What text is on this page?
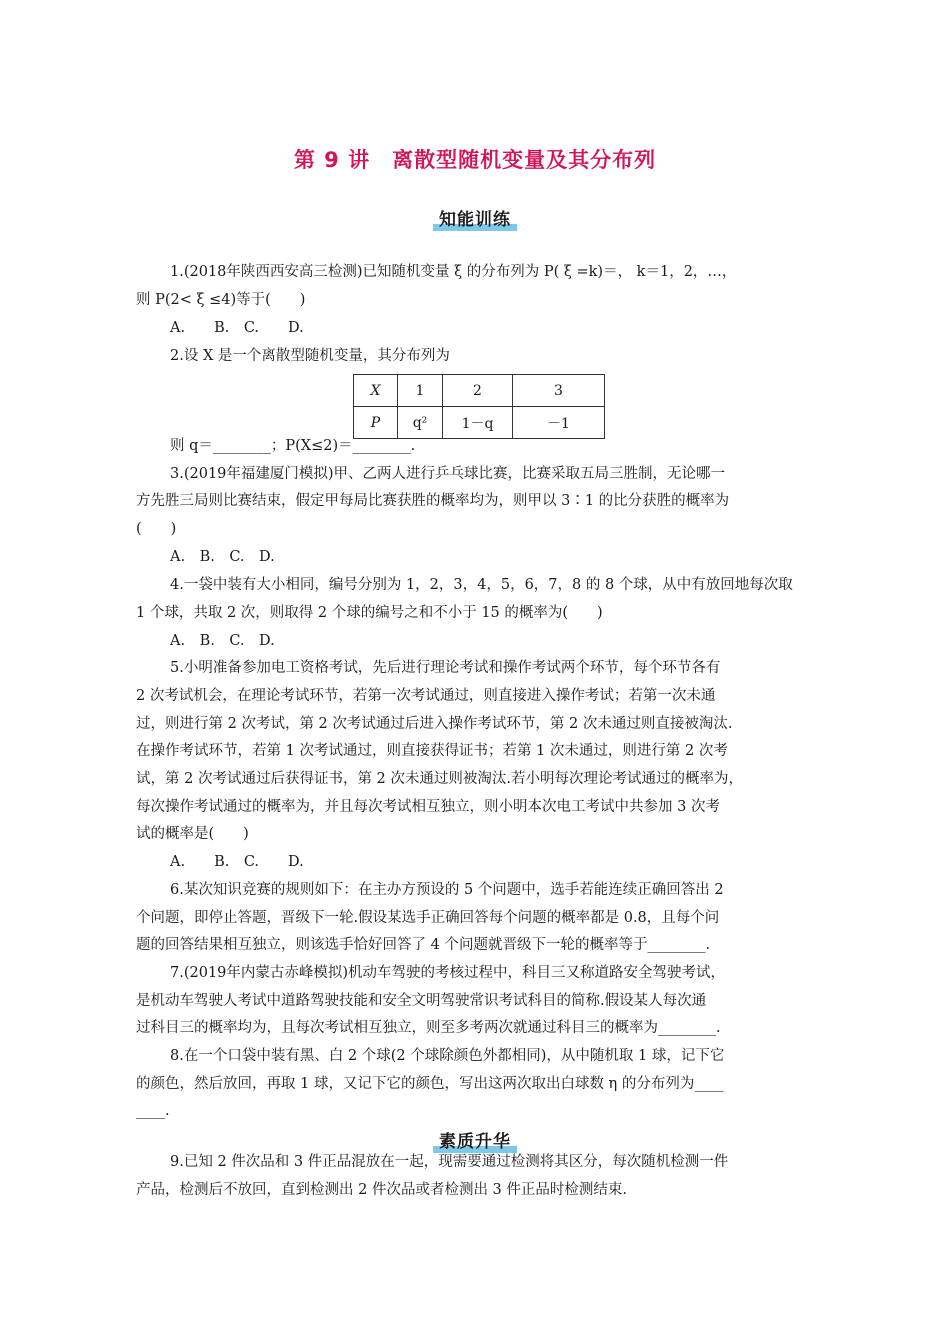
第 9 讲　离散型随机变量及其分布列
知能训练
1.(2018年陕西西安高三检测)已知随机变量 ξ 的分布列为 P( ξ =k)＝， k＝1，2，…，
则 P(2< ξ ≤4)等于(　　)
A.　　B.　C.　　D.
2.设 X 是一个离散型随机变量，其分布列为
X	1	2	3
P	q²	1－q	－1
则 q＝________；P(X≤2)＝________.
3.(2019年福建厦门模拟)甲、乙两人进行乒乓球比赛，比赛采取五局三胜制，无论哪一
方先胜三局则比赛结束，假定甲每局比赛获胜的概率均为，则甲以 3∶1 的比分获胜的概率为
(　　)
A.　B.　C.　D.
4.一袋中装有大小相同，编号分别为 1，2，3，4，5，6，7，8 的 8 个球，从中有放回地每次取
1 个球，共取 2 次，则取得 2 个球的编号之和不小于 15 的概率为(　　)
A.　B.　C.　D.
5.小明准备参加电工资格考试，先后进行理论考试和操作考试两个环节，每个环节各有
2 次考试机会，在理论考试环节，若第一次考试通过，则直接进入操作考试；若第一次未通
过，则进行第 2 次考试，第 2 次考试通过后进入操作考试环节，第 2 次未通过则直接被淘汰.
在操作考试环节，若第 1 次考试通过，则直接获得证书；若第 1 次未通过，则进行第 2 次考
试，第 2 次考试通过后获得证书，第 2 次未通过则被淘汰.若小明每次理论考试通过的概率为，
每次操作考试通过的概率为，并且每次考试相互独立，则小明本次电工考试中共参加 3 次考
试的概率是(　　)
A.　　B.　C.　　D.
6.某次知识竞赛的规则如下：在主办方预设的 5 个问题中，选手若能连续正确回答出 2
个问题，即停止答题，晋级下一轮.假设某选手正确回答每个问题的概率都是 0.8，且每个问
题的回答结果相互独立，则该选手恰好回答了 4 个问题就晋级下一轮的概率等于________.
7.(2019年内蒙古赤峰模拟)机动车驾驶的考核过程中，科目三又称道路安全驾驶考试，
是机动车驾驶人考试中道路驾驶技能和安全文明驾驶常识考试科目的简称.假设某人每次通
过科目三的概率均为，且每次考试相互独立，则至多考两次就通过科目三的概率为________.
8.在一个口袋中装有黑、白 2 个球(2 个球除颜色外都相同)，从中随机取 1 球，记下它
的颜色，然后放回，再取 1 球，又记下它的颜色，写出这两次取出白球数 η 的分布列为____
____.
素质升华
9.已知 2 件次品和 3 件正品混放在一起，现需要通过检测将其区分，每次随机检测一件
产品，检测后不放回，直到检测出 2 件次品或者检测出 3 件正品时检测结束.
